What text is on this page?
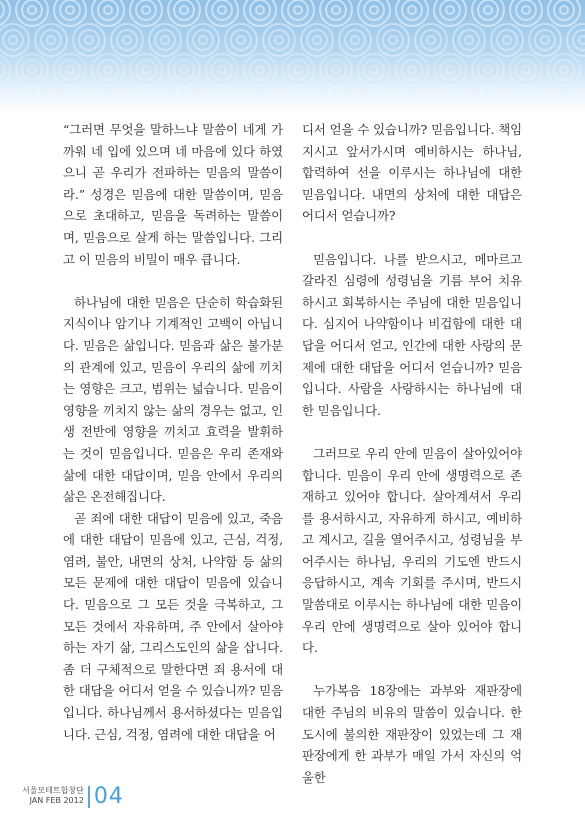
“그러면 무엇을 말하느냐 말씀이 네게 가까워 네 입에 있으며 네 마음에 있다 하였으니 곧 우리가 전파하는 믿음의 말씀이라.” 성경은 믿음에 대한 말씀이며, 믿음으로 초대하고, 믿음을 독려하는 말씀이며, 믿음으로 살게 하는 말씀입니다. 그리고 이 믿음의 비밀이 매우 큽니다.

하나님에 대한 믿음은 단순히 학습화된 지식이나 암기나 기계적인 고백이 아닙니다. 믿음은 삶입니다. 믿음과 삶은 불가분의 관계에 있고, 믿음이 우리의 삶에 끼치는 영향은 크고, 범위는 넓습니다. 믿음이 영향을 끼치지 않는 삶의 경우는 없고, 인생 전반에 영향을 끼치고 효력을 발휘하는 것이 믿음입니다. 믿음은 우리 존재와 삶에 대한 대답이며, 믿음 안에서 우리의 삶은 온전해집니다.

곧 죄에 대한 대답이 믿음에 있고, 죽음에 대한 대답이 믿음에 있고, 근심, 걱정, 염려, 불안, 내면의 상처, 나약함 등 삶의 모든 문제에 대한 대답이 믿음에 있습니다. 믿음으로 그 모든 것을 극복하고, 그 모든 것에서 자유하며, 주 안에서 살아야 하는 자기 삶, 그리스도인의 삶을 삽니다. 좀 더 구체적으로 말한다면 죄 용서에 대한 대답을 어디서 얻을 수 있습니까? 믿음입니다. 하나님께서 용서하셨다는 믿음입니다. 근심, 걱정, 염려에 대한 대답을 어

디서 얻을 수 있습니까? 믿음입니다. 책임지시고 앞서가시며 예비하시는 하나님, 합력하여 선을 이루시는 하나님에 대한 믿음입니다. 내면의 상처에 대한 대답은 어디서 얻습니까?

믿음입니다. 나를 받으시고, 메마르고 갈라진 심령에 성령님을 기름 부어 치유하시고 회복하시는 주님에 대한 믿음입니다. 심지어 나약함이나 비겁함에 대한 대답을 어디서 얻고, 인간에 대한 사랑의 문제에 대한 대답을 어디서 얻습니까? 믿음입니다. 사람을 사랑하시는 하나님에 대한 믿음입니다.

그러므로 우리 안에 믿음이 살아있어야 합니다. 믿음이 우리 안에 생명력으로 존재하고 있어야 합니다. 살아계셔서 우리를 용서하시고, 자유하게 하시고, 예비하고 계시고, 길을 열어주시고, 성령님을 부어주시는 하나님, 우리의 기도엔 반드시 응답하시고, 계속 기회를 주시며, 반드시 말씀대로 이루시는 하나님에 대한 믿음이 우리 안에 생명력으로 살아 있어야 합니다.

누가복음 18장에는 과부와 재판장에 대한 주님의 비유의 말씀이 있습니다. 한 도시에 불의한 재판장이 있었는데 그 재판장에게 한 과부가 매일 가서 자신의 억울한

서울모테트합창단
JAN FEB 2012 04
